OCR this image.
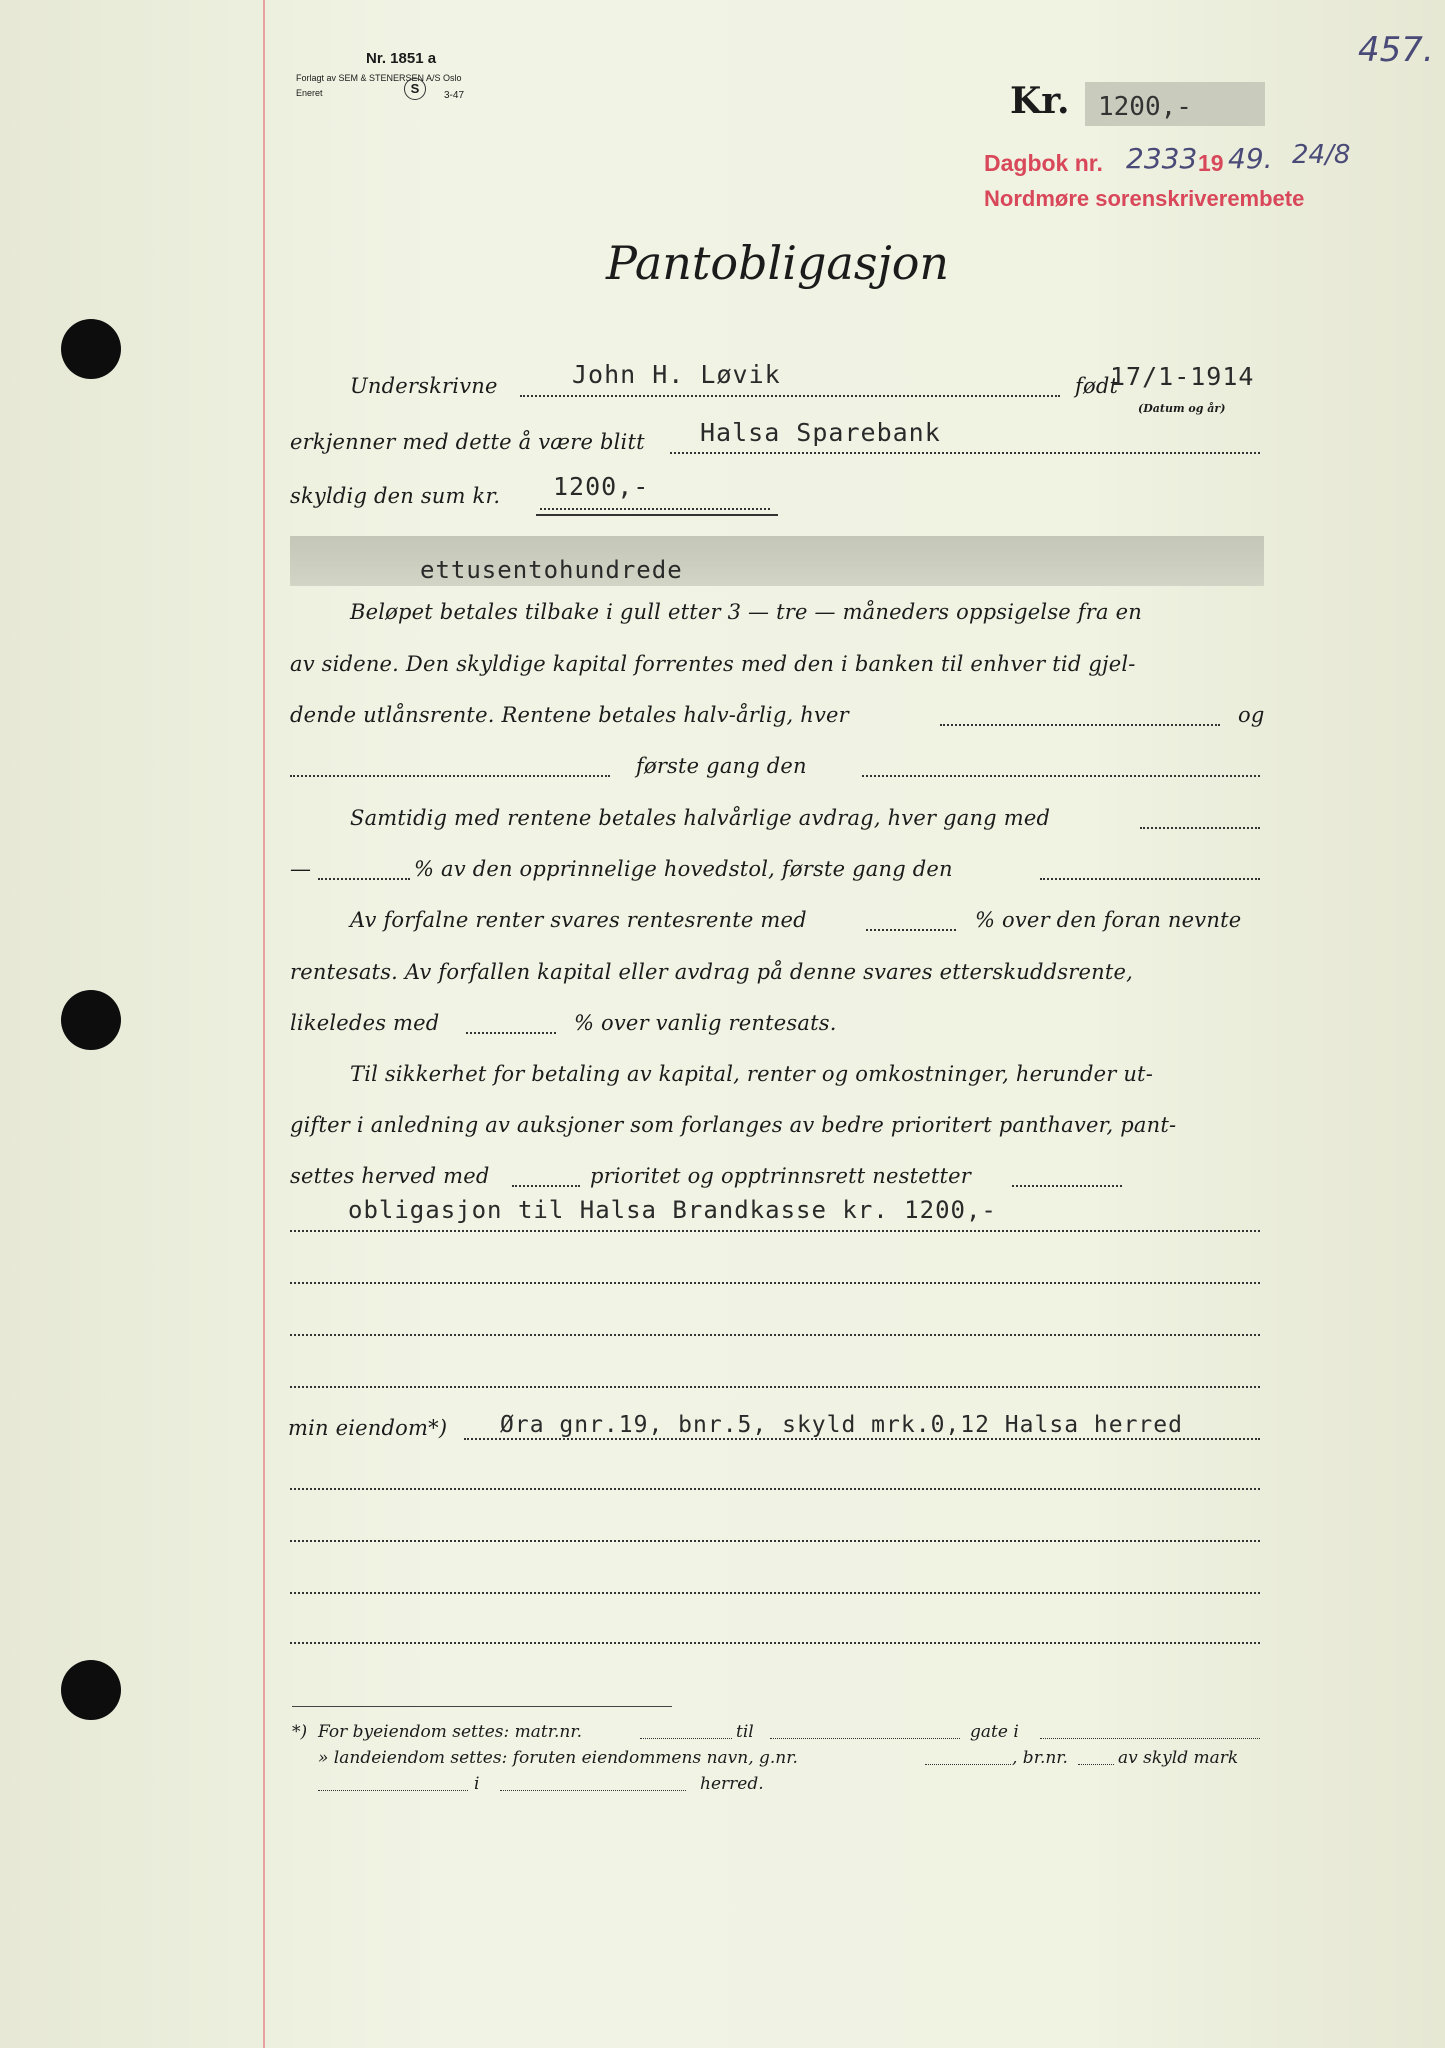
457.
Nr. 1851 a
Forlagt av SEM & STENERSEN A/S Oslo
Eneret	S	3-47	Kr. 1200,-
Dagbok nr. 2333 19 49. 24/8
Nordmøre sorenskriverembete
Pantobligasjon
Underskrivne	John H. Løvik	født
17/1-1914
(Datum og år)
erkjenner med dette å være blitt Halsa Sparebank
skyldig den sum kr. 1200,-
ettusentohundrede
Beløpet betales tilbake i gull etter 3 — tre — måneders oppsigelse fra en
av sidene. Den skyldige kapital forrentes med den i banken til enhver tid gjel-
dende utlånsrente. Rentene betales halv-årlig, hver	og
første gang den
Samtidig med rentene betales halvårlige avdrag, hver gang med
—	% av den opprinnelige hovedstol, første gang den
Av forfalne renter svares rentesrente med	% over den foran nevnte
rentesats. Av forfallen kapital eller avdrag på denne svares etterskuddsrente,
likeledes med	% over vanlig rentesats.
Til sikkerhet for betaling av kapital, renter og omkostninger, herunder ut-
gifter i anledning av auksjoner som forlanges av bedre prioritert panthaver, pant-
settes herved med	prioritet og opptrinnsrett nestetter
obligasjon til Halsa Brandkasse kr. 1200,-
min eiendom*) Øra gnr.19, bnr.5, skyld mrk.0,12 Halsa herred
*) For byeiendom settes: matr.nr.	til	gate i
» landeiendom settes: foruten eiendommens navn, g.nr.	, br.nr.	av skyld mark
i	herred.
